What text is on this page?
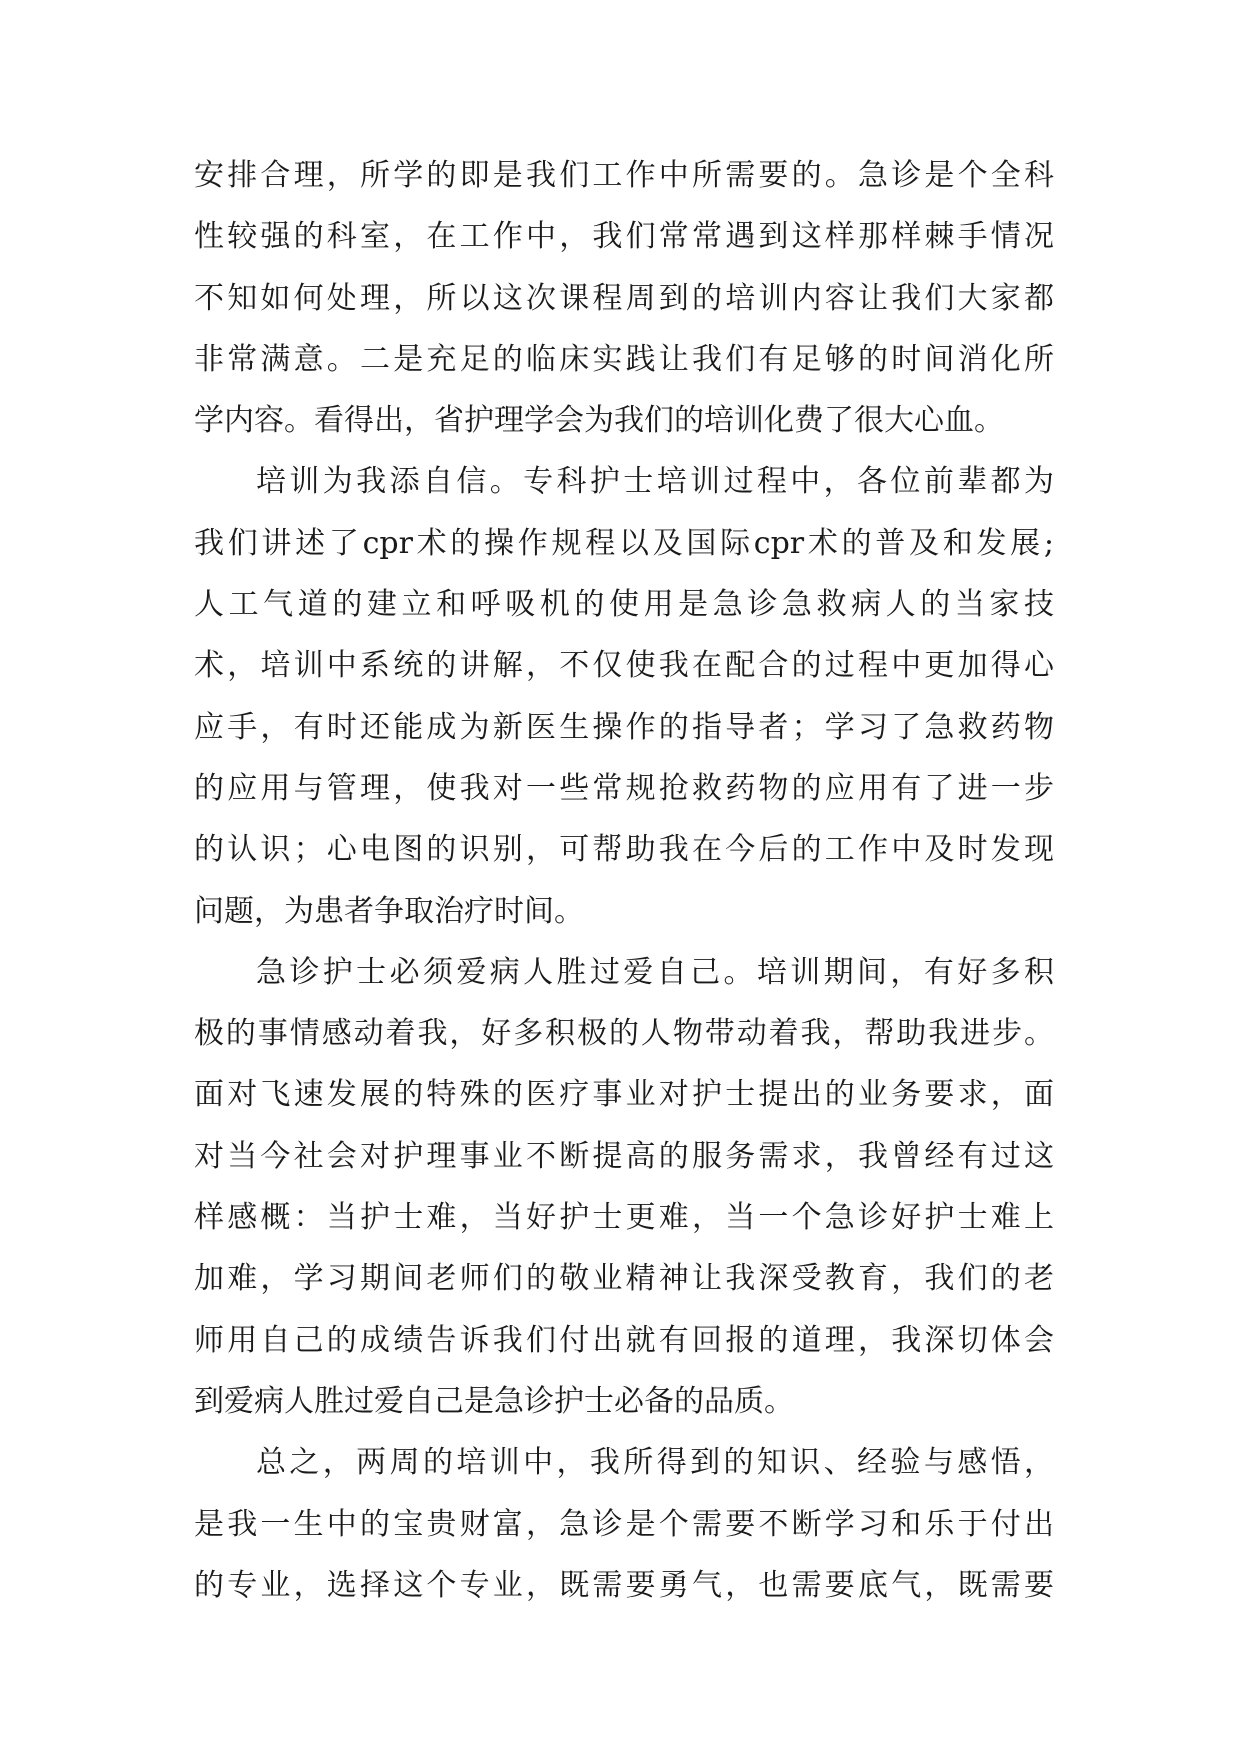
安排合理，所学的即是我们工作中所需要的。急诊是个全科
性较强的科室，在工作中，我们常常遇到这样那样棘手情况
不知如何处理，所以这次课程周到的培训内容让我们大家都
非常满意。二是充足的临床实践让我们有足够的时间消化所
学内容。看得出，省护理学会为我们的培训化费了很大心血。
培训为我添自信。专科护士培训过程中，各位前辈都为
我们讲述了cpr术的操作规程以及国际cpr术的普及和发展;
人工气道的建立和呼吸机的使用是急诊急救病人的当家技
术，培训中系统的讲解，不仅使我在配合的过程中更加得心
应手，有时还能成为新医生操作的指导者；学习了急救药物
的应用与管理，使我对一些常规抢救药物的应用有了进一步
的认识；心电图的识别，可帮助我在今后的工作中及时发现
问题，为患者争取治疗时间。
急诊护士必须爱病人胜过爱自己。培训期间，有好多积
极的事情感动着我，好多积极的人物带动着我，帮助我进步。
面对飞速发展的特殊的医疗事业对护士提出的业务要求，面
对当今社会对护理事业不断提高的服务需求，我曾经有过这
样感概：当护士难，当好护士更难，当一个急诊好护士难上
加难，学习期间老师们的敬业精神让我深受教育，我们的老
师用自己的成绩告诉我们付出就有回报的道理，我深切体会
到爱病人胜过爱自己是急诊护士必备的品质。
总之，两周的培训中，我所得到的知识、经验与感悟，
是我一生中的宝贵财富，急诊是个需要不断学习和乐于付出
的专业，选择这个专业，既需要勇气，也需要底气，既需要
